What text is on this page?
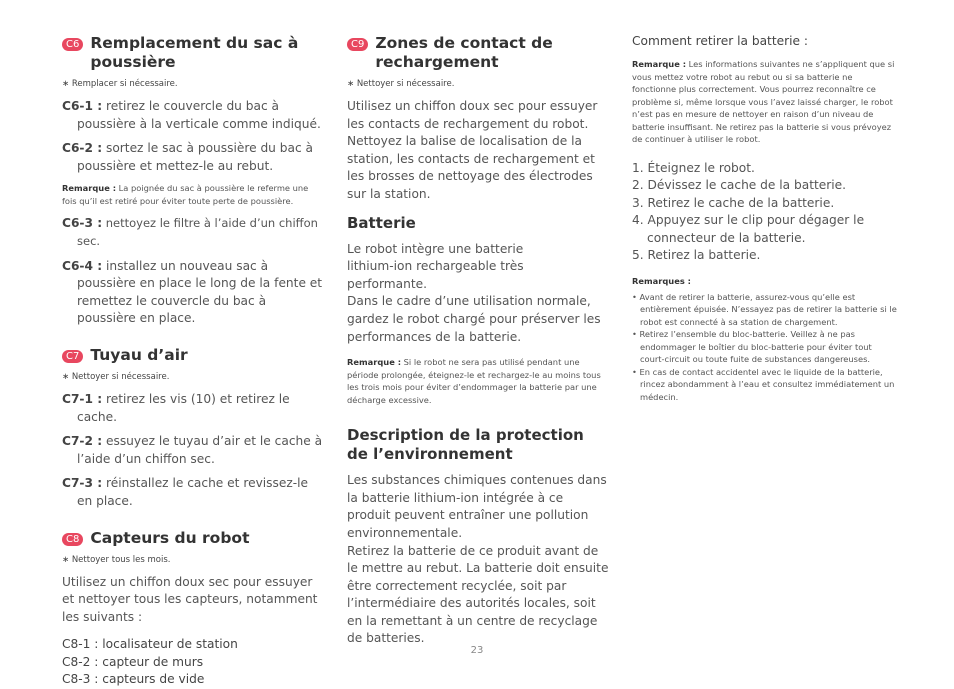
C6 Remplacement du sac à poussière
∗ Remplacer si nécessaire.

C6-1 : retirez le couvercle du bac à poussière à la verticale comme indiqué.

C6-2 : sortez le sac à poussière du bac à poussière et mettez-le au rebut.

Remarque : La poignée du sac à poussière le referme une fois qu’il est retiré pour éviter toute perte de poussière.

C6-3 : nettoyez le filtre à l’aide d’un chiffon sec.

C6-4 : installez un nouveau sac à poussière en place le long de la fente et remettez le couvercle du bac à poussière en place.

C7 Tuyau d’air
∗ Nettoyer si nécessaire.

C7-1 : retirez les vis (10) et retirez le cache.

C7-2 : essuyez le tuyau d’air et le cache à l’aide d’un chiffon sec.

C7-3 : réinstallez le cache et revissez-le en place.

C8 Capteurs du robot
∗ Nettoyer tous les mois.

Utilisez un chiffon doux sec pour essuyer et nettoyer tous les capteurs, notamment les suivants :

C8-1 : localisateur de station

C8-2 : capteur de murs

C8-3 : capteurs de vide

C9 Zones de contact de rechargement
∗ Nettoyer si nécessaire.

Utilisez un chiffon doux sec pour essuyer les contacts de rechargement du robot. Nettoyez la balise de localisation de la station, les contacts de rechargement et les brosses de nettoyage des électrodes sur la station.

Batterie

Le robot intègre une batterie lithium-ion rechargeable très performante.

Dans le cadre d’une utilisation normale, gardez le robot chargé pour préserver les performances de la batterie.

Remarque : Si le robot ne sera pas utilisé pendant une période prolongée, éteignez-le et rechargez-le au moins tous les trois mois pour éviter d’endommager la batterie par une décharge excessive.

Description de la protection de l’environnement

Les substances chimiques contenues dans la batterie lithium-ion intégrée à ce produit peuvent entraîner une pollution environnementale.

Retirez la batterie de ce produit avant de le mettre au rebut. La batterie doit ensuite être correctement recyclée, soit par l’intermédiaire des autorités locales, soit en la remettant à un centre de recyclage de batteries.

Comment retirer la batterie :

Remarque : Les informations suivantes ne s’appliquent que si vous mettez votre robot au rebut ou si sa batterie ne fonctionne plus correctement. Vous pourrez reconnaître ce problème si, même lorsque vous l’avez laissé charger, le robot n’est pas en mesure de nettoyer en raison d’un niveau de batterie insuffisant. Ne retirez pas la batterie si vous prévoyez de continuer à utiliser le robot.

1. Éteignez le robot.
2. Dévissez le cache de la batterie.
3. Retirez le cache de la batterie.
4. Appuyez sur le clip pour dégager le connecteur de la batterie.
5. Retirez la batterie.

Remarques :

• Avant de retirer la batterie, assurez-vous qu’elle est entièrement épuisée. N’essayez pas de retirer la batterie si le robot est connecté à sa station de chargement.
• Retirez l’ensemble du bloc-batterie. Veillez à ne pas endommager le boîtier du bloc-batterie pour éviter tout court-circuit ou toute fuite de substances dangereuses.
• En cas de contact accidentel avec le liquide de la batterie, rincez abondamment à l’eau et consultez immédiatement un médecin.
23
